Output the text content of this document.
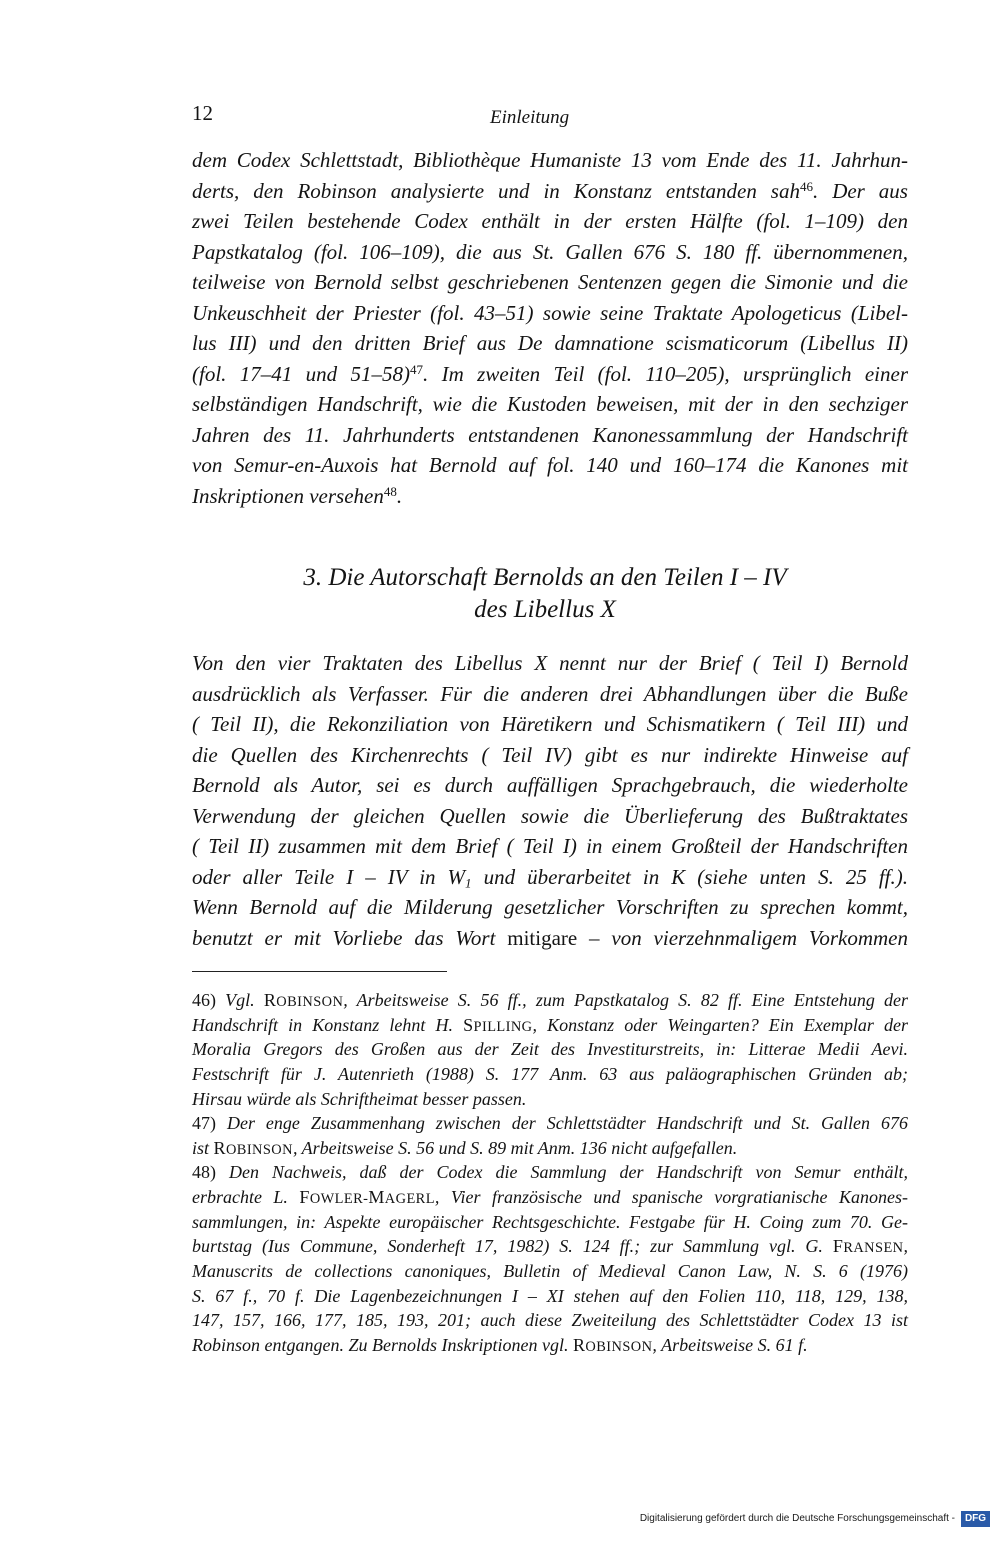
12	Einleitung
dem Codex Schlettstadt, Bibliothèque Humaniste 13 vom Ende des 11. Jahrhun-
derts, den Robinson analysierte und in Konstanz entstanden sah$^{46}$. Der aus
zwei Teilen bestehende Codex enthält in der ersten Hälfte (fol. 1–109) den
Papstkatalog (fol. 106–109), die aus St. Gallen 676 S. 180 ff. übernommenen,
teilweise von Bernold selbst geschriebenen Sentenzen gegen die Simonie und die
Unkeuschheit der Priester (fol. 43–51) sowie seine Traktate Apologeticus (Libel-
lus III) und den dritten Brief aus De damnatione scismaticorum (Libellus II)
(fol. 17–41 und 51–58)$^{47}$. Im zweiten Teil (fol. 110–205), ursprünglich einer
selbständigen Handschrift, wie die Kustoden beweisen, mit der in den sechziger
Jahren des 11. Jahrhunderts entstandenen Kanonessammlung der Handschrift
von Semur-en-Auxois hat Bernold auf fol. 140 und 160–174 die Kanones mit
Inskriptionen versehen$^{48}$.
3. Die Autorschaft Bernolds an den Teilen I – IV
des Libellus X
Von den vier Traktaten des Libellus X nennt nur der Brief ( Teil I) Bernold
ausdrücklich als Verfasser. Für die anderen drei Abhandlungen über die Buße
( Teil II), die Rekonziliation von Häretikern und Schismatikern ( Teil III) und
die Quellen des Kirchenrechts ( Teil IV) gibt es nur indirekte Hinweise auf
Bernold als Autor, sei es durch auffälligen Sprachgebrauch, die wiederholte
Verwendung der gleichen Quellen sowie die Überlieferung des Bußtraktates
( Teil II) zusammen mit dem Brief ( Teil I) in einem Großteil der Handschriften
oder aller Teile I – IV in $W_1$ und überarbeitet in K (siehe unten S. 25 ff.).
Wenn Bernold auf die Milderung gesetzlicher Vorschriften zu sprechen kommt,
benutzt er mit Vorliebe das Wort mitigare – von vierzehnmaligem Vorkommen
46) Vgl. ROBINSON, Arbeitsweise S. 56 ff., zum Papstkatalog S. 82 ff. Eine Entstehung der
Handschrift in Konstanz lehnt H. SPILLING, Konstanz oder Weingarten? Ein Exemplar der
Moralia Gregors des Großen aus der Zeit des Investiturstreits, in: Litterae Medii Aevi.
Festschrift für J. Autenrieth (1988) S. 177 Anm. 63 aus paläographischen Gründen ab;
Hirsau würde als Schriftheimat besser passen.
47) Der enge Zusammenhang zwischen der Schlettstädter Handschrift und St. Gallen 676
ist ROBINSON, Arbeitsweise S. 56 und S. 89 mit Anm. 136 nicht aufgefallen.
48) Den Nachweis, daß der Codex die Sammlung der Handschrift von Semur enthält,
erbrachte L. FOWLER-MAGERL, Vier französische und spanische vorgratianische Kanones-
sammlungen, in: Aspekte europäischer Rechtsgeschichte. Festgabe für H. Coing zum 70. Ge-
burtstag (Ius Commune, Sonderheft 17, 1982) S. 124 ff.; zur Sammlung vgl. G. FRANSEN,
Manuscrits de collections canoniques, Bulletin of Medieval Canon Law, N. S. 6 (1976)
S. 67 f., 70 f. Die Lagenbezeichnungen I – XI stehen auf den Folien 110, 118, 129, 138,
147, 157, 166, 177, 185, 193, 201; auch diese Zweiteilung des Schlettstädter Codex 13 ist
Robinson entgangen. Zu Bernolds Inskriptionen vgl. ROBINSON, Arbeitsweise S. 61 f.
Digitalisierung gefördert durch die Deutsche Forschungsgemeinschaft - DFG
